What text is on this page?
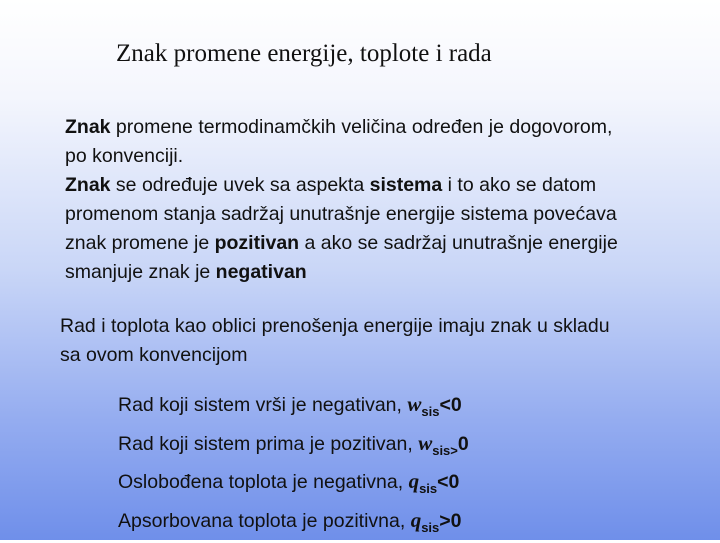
Znak promene energije, toplote i rada
Znak promene termodinamčkih veličina određen je dogovorom,
po konvenciji.
Znak se određuje uvek sa aspekta sistema i to ako se datom
promenom stanja sadržaj unutrašnje energije sistema povećava
znak promene je pozitivan a ako se sadržaj unutrašnje energije
smanjuje znak je negativan
Rad i toplota kao oblici prenošenja energije imaju znak u skladu
sa ovom konvencijom
Rad koji sistem vrši je negativan, $w_{sis}<0$
Rad koji sistem prima je pozitivan, $w_{sis>}0$
Oslobođena toplota je negativna, $q_{sis}<0$
Apsorbovana toplota je pozitivna, $q_{sis}>0$
